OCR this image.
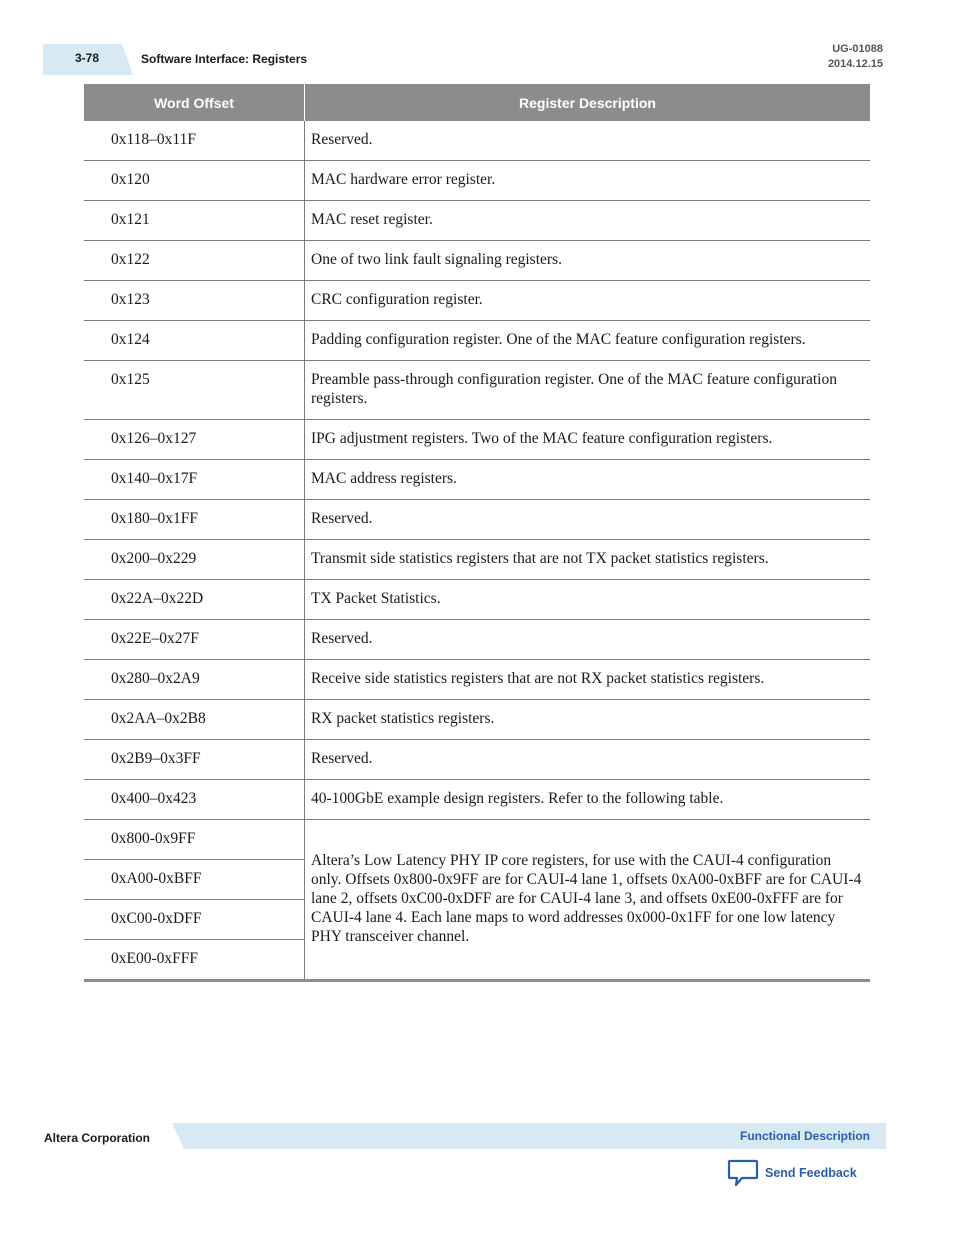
3-78	Software Interface: Registers
UG-01088
2014.12.15
Word Offset	Register Description
0x118–0x11F	Reserved.
0x120	MAC hardware error register.
0x121	MAC reset register.
0x122	One of two link fault signaling registers.
0x123	CRC configuration register.
0x124	Padding configuration register. One of the MAC feature configuration registers.
0x125	Preamble pass-through configuration register. One of the MAC feature configuration registers.
0x126–0x127	IPG adjustment registers. Two of the MAC feature configuration registers.
0x140–0x17F	MAC address registers.
0x180–0x1FF	Reserved.
0x200–0x229	Transmit side statistics registers that are not TX packet statistics registers.
0x22A–0x22D	TX Packet Statistics.
0x22E–0x27F	Reserved.
0x280–0x2A9	Receive side statistics registers that are not RX packet statistics registers.
0x2AA–0x2B8	RX packet statistics registers.
0x2B9–0x3FF	Reserved.
0x400–0x423	40-100GbE example design registers. Refer to the following table.
0x800-0x9FF	Altera’s Low Latency PHY IP core registers, for use with the CAUI-4 configuration only. Offsets 0x800-0x9FF are for CAUI-4 lane 1, offsets 0xA00-0xBFF are for CAUI-4 lane 2, offsets 0xC00-0xDFF are for CAUI-4 lane 3, and offsets 0xE00-0xFFF are for CAUI-4 lane 4. Each lane maps to word addresses 0x000-0x1FF for one low latency PHY transceiver channel.
0xA00-0xBFF	
0xC00-0xDFF	
0xE00-0xFFF	
Altera Corporation	Functional Description
Send Feedback
